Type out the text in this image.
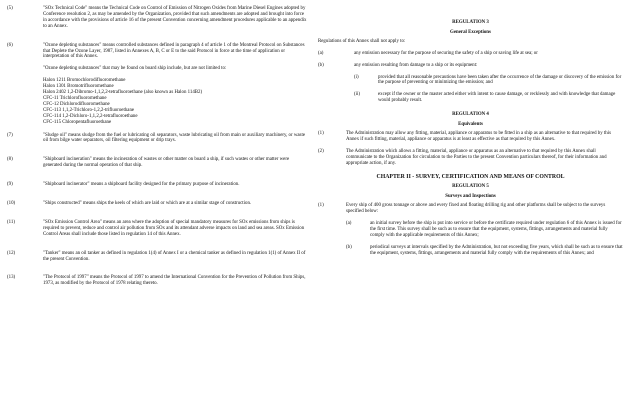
(5)	"SOx Technical Code" means the Technical Code on Control of Emission of Nitrogen Oxides from Marine Diesel Engines adopted by Conference resolution 2, as may be amended by the Organization, provided that such amendments are adopted and brought into force in accordance with the provisions of article 16 of the present Convention concerning amendment procedures applicable to an appendix to an Annex.

(6)	"Ozone depleting substances" means controlled substances defined in paragraph 4 of article 1 of the Montreal Protocol on Substances that Deplete the Ozone Layer, 1987, listed in Annexes A, B, C or E to the said Protocol in force at the time of application or interpretation of this Annex.

"Ozone depleting substances" that may be found on board ship include, but are not limited to:

Halon 1211 Bromochlorodifluoromethane
Halon 1301 Bromotrifluoromethane
Halon 2402 1,2-Dibromo-1,1,2,2-tetrafluoroethane (also known as Halon 114B2)
CFC-11 Trichlorofluoromethane
CFC-12 Dichlorodifluoromethane
CFC-113 1,1,2-Trichloro-1,2,2-trifluoroethane
CFC-114 1,2-Dichloro-1,1,2,2-tetrafluoroethane
CFC-115 Chloropentafluoroethane
(7)	"Sludge oil" means sludge from the fuel or lubricating oil separators, waste lubricating oil from main or auxiliary machinery, or waste oil from bilge water separators, oil filtering equipment or drip trays.

(8)	"Shipboard incineration" means the incineration of wastes or other matter on board a ship, if such wastes or other matter were generated during the normal operation of that ship.

(9)	"Shipboard incinerator" means a shipboard facility designed for the primary purpose of incineration.

(10)	"Ships constructed" means ships the keels of which are laid or which are at a similar stage of construction.

(11)	"SOx Emission Control Area" means an area where the adoption of special mandatory measures for SOx emissions from ships is required to prevent, reduce and control air pollution from SOx and its attendant adverse impacts on land and sea areas. SOx Emission Control Areas shall include those listed in regulation 14 of this Annex.

(12)	"Tanker" means an oil tanker as defined in regulation 1(4) of Annex I or a chemical tanker as defined in regulation 1(1) of Annex II of the present Convention.

(13)	"The Protocol of 1997" means the Protocol of 1997 to amend the International Convention for the Prevention of Pollution from Ships, 1973, as modified by the Protocol of 1978 relating thereto.

REGULATION 3
General Exceptions

Regulations of this Annex shall not apply to:

(a)	any emission necessary for the purpose of securing the safety of a ship or saving life at sea; or
(b)	any emission resulting from damage to a ship or its equipment:
(i)	provided that all reasonable precautions have been taken after the occurrence of the damage or discovery of the emission for the purpose of preventing or minimizing the emission; and
(ii)	except if the owner or the master acted either with intent to cause damage, or recklessly and with knowledge that damage would probably result.
REGULATION 4
Equivalents
(1)	The Administration may allow any fitting, material, appliance or apparatus to be fitted in a ship as an alternative to that required by this Annex if such fitting, material, appliance or apparatus is at least as effective as that required by this Annex.
(2)	The Administration which allows a fitting, material, appliance or apparatus as an alternative to that required by this Annex shall communicate to the Organization for circulation to the Parties to the present Convention particulars thereof, for their information and appropriate action, if any.
CHAPTER II - SURVEY, CERTIFICATION AND MEANS OF CONTROL
REGULATION 5
Surveys and Inspections
(1)	Every ship of 400 gross tonnage or above and every fixed and floating drilling rig and other platforms shall be subject to the surveys specified below:
(a)	an initial survey before the ship is put into service or before the certificate required under regulation 6 of this Annex is issued for the first time. This survey shall be such as to ensure that the equipment, systems, fittings, arrangements and material fully comply with the applicable requirements of this Annex;
(b)	periodical surveys at intervals specified by the Administration, but not exceeding five years, which shall be such as to ensure that the equipment, systems, fittings, arrangements and material fully comply with the requirements of this Annex; and
